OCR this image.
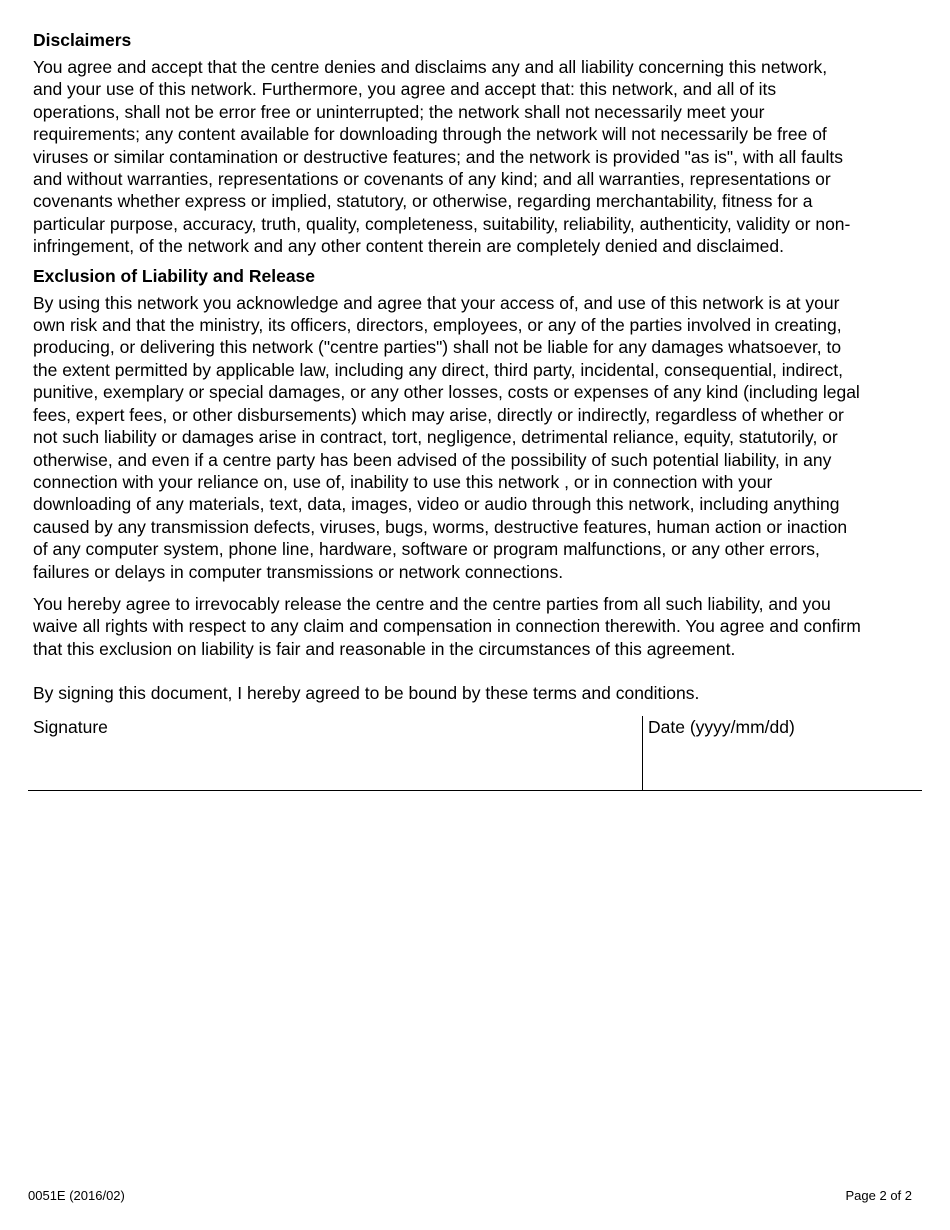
Disclaimers

You agree and accept that the centre denies and disclaims any and all liability concerning this network,
and your use of this network. Furthermore, you agree and accept that: this network, and all of its
operations, shall not be error free or uninterrupted; the network shall not necessarily meet your
requirements; any content available for downloading through the network will not necessarily be free of
viruses or similar contamination or destructive features; and the network is provided "as is", with all faults
and without warranties, representations or covenants of any kind; and all warranties, representations or
covenants whether express or implied, statutory, or otherwise, regarding merchantability, fitness for a
particular purpose, accuracy, truth, quality, completeness, suitability, reliability, authenticity, validity or non-
infringement, of the network and any other content therein are completely denied and disclaimed.

Exclusion of Liability and Release

By using this network you acknowledge and agree that your access of, and use of this network is at your
own risk and that the ministry, its officers, directors, employees, or any of the parties involved in creating,
producing, or delivering this network ("centre parties") shall not be liable for any damages whatsoever, to
the extent permitted by applicable law, including any direct, third party, incidental, consequential, indirect,
punitive, exemplary or special damages, or any other losses, costs or expenses of any kind (including legal
fees, expert fees, or other disbursements) which may arise, directly or indirectly, regardless of whether or
not such liability or damages arise in contract, tort, negligence, detrimental reliance, equity, statutorily, or
otherwise, and even if a centre party has been advised of the possibility of such potential liability, in any
connection with your reliance on, use of, inability to use this network , or in connection with your
downloading of any materials, text, data, images, video or audio through this network, including anything
caused by any transmission defects, viruses, bugs, worms, destructive features, human action or inaction
of any computer system, phone line, hardware, software or program malfunctions, or any other errors,
failures or delays in computer transmissions or network connections.

You hereby agree to irrevocably release the centre and the centre parties from all such liability, and you
waive all rights with respect to any claim and compensation in connection therewith. You agree and confirm
that this exclusion on liability is fair and reasonable in the circumstances of this agreement.

By signing this document, I hereby agreed to be bound by these terms and conditions.

Signature	Date (yyyy/mm/dd)
0051E (2016/02)	Page 2 of 2
